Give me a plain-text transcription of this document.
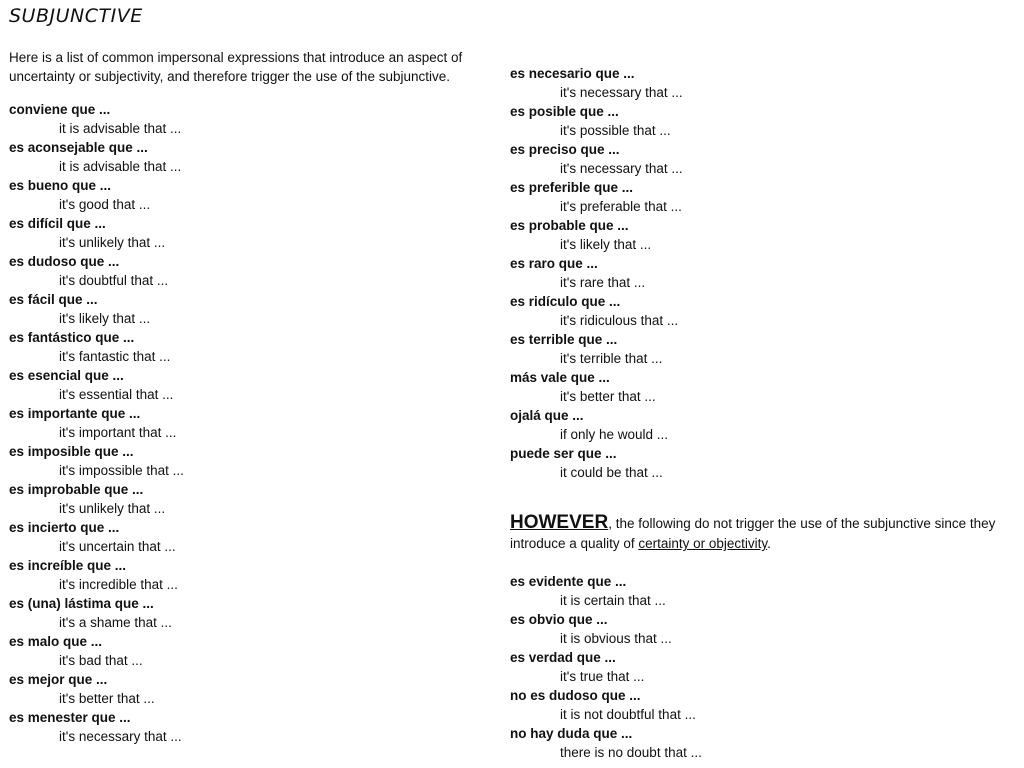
SUBJUNCTIVE
Here is a list of common impersonal expressions that introduce an aspect of uncertainty or subjectivity, and therefore trigger the use of the subjunctive.
conviene que ...
it is advisable that ...
es aconsejable que ...
it is advisable that ...
es bueno que ...
it's good that ...
es difícil que ...
it's unlikely that ...
es dudoso que ...
it's doubtful that ...
es fácil que ...
it's likely that ...
es fantástico que ...
it's fantastic that ...
es esencial que ...
it's essential that ...
es importante que ...
it's important that ...
es imposible que ...
it's impossible that ...
es improbable que ...
it's unlikely that ...
es incierto que ...
it's uncertain that ...
es increíble que ...
it's incredible that ...
es (una) lástima que ...
it's a shame that ...
es malo que ...
it's bad that ...
es mejor que ...
it's better that ...
es menester que ...
it's necessary that ...
es necesario que ...
it's necessary that ...
es posible que ...
it's possible that ...
es preciso que ...
it's necessary that ...
es preferible que ...
it's preferable that ...
es probable que ...
it's likely that ...
es raro que ...
it's rare that ...
es ridículo que ...
it's ridiculous that ...
es terrible que ...
it's terrible that ...
más vale que ...
it's better that ...
ojalá que ...
if only he would ...
puede ser que ...
it could be that ...
HOWEVER, the following do not trigger the use of the subjunctive since they introduce a quality of certainty or objectivity.
es evidente que ...
it is certain that ...
es obvio que ...
it is obvious that ...
es verdad que ...
it's true that ...
no es dudoso que ...
it is not doubtful that ...
no hay duda que ...
there is no doubt that ...
